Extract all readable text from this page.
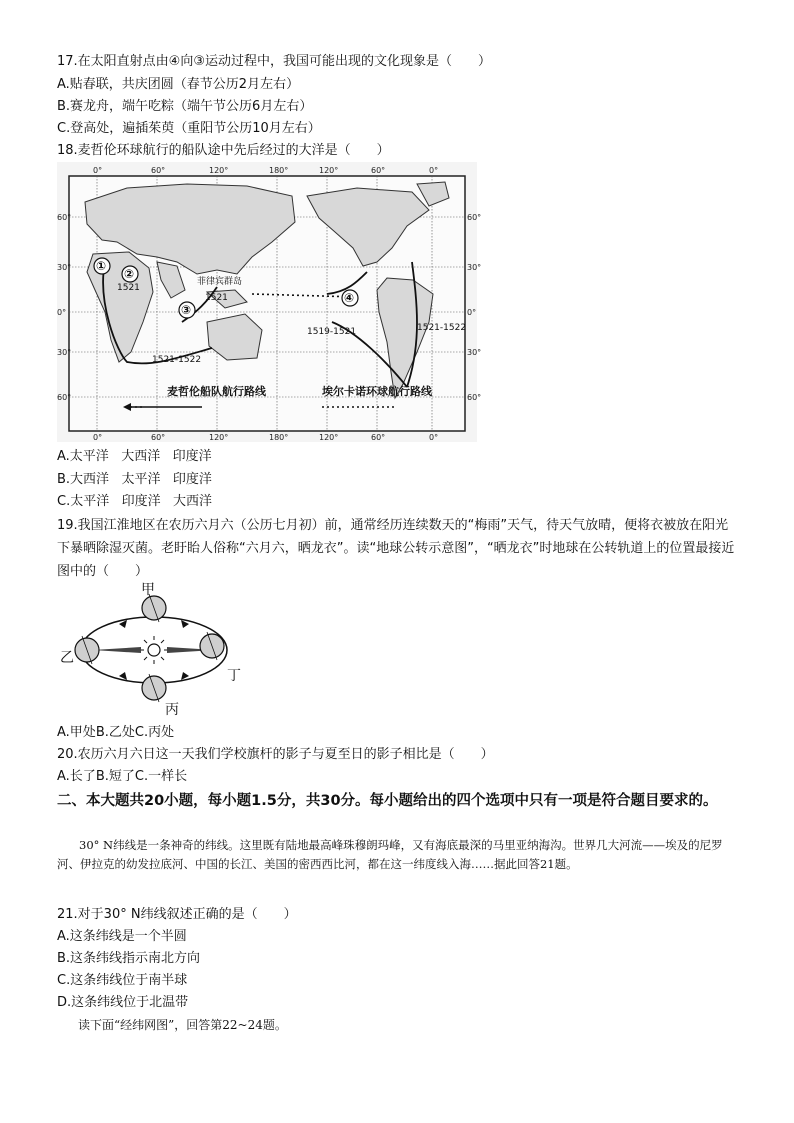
17.在太阳直射点由④向③运动过程中，我国可能出现的文化现象是（　　）
A.贴春联，共庆团圆（春节公历2月左右）
B.赛龙舟，端午吃粽（端午节公历6月左右）
C.登高处，遍插茱萸（重阳节公历10月左右）
18.麦哲伦环球航行的船队途中先后经过的大洋是（　　）
①
②
③
④
菲律宾群岛
1521
1519-1521
1521-1522
1521-1522
1521
麦哲伦船队航行路线	埃尔卡诺环球航行路线
0°	60°	120°	180°	120°	60°	0°
0°	60°	120°	180°	120°	60°	0°
60°
30°
0°
30°
60°
60°
30°
0°
30°
60°
A.太平洋 大西洋 印度洋
B.大西洋 太平洋 印度洋
C.太平洋 印度洋 大西洋
19.我国江淮地区在农历六月六（公历七月初）前，通常经历连续数天的“梅雨”天气，待天气放晴，便将衣被放在阳光下暴晒除湿灭菌。老盱眙人俗称“六月六，晒龙衣”。读“地球公转示意图”，“晒龙衣”时地球在公转轨道上的位置最接近图中的（　　）
甲
乙
丙
丁
A.甲处B.乙处C.丙处
20.农历六月六日这一天我们学校旗杆的影子与夏至日的影子相比是（　　）
A.长了B.短了C.一样长
二、本大题共20小题，每小题1.5分，共30分。每小题给出的四个选项中只有一项是符合题目要求的。
30° N纬线是一条神奇的纬线。这里既有陆地最高峰珠穆朗玛峰，又有海底最深的马里亚纳海沟。世界几大河流——埃及的尼罗河、伊拉克的幼发拉底河、中国的长江、美国的密西西比河，都在这一纬度线入海……据此回答21题。
21.对于30° N纬线叙述正确的是（　　）
A.这条纬线是一个半圆
B.这条纬线指示南北方向
C.这条纬线位于南半球
D.这条纬线位于北温带
读下面“经纬网图”，回答第22~24题。
